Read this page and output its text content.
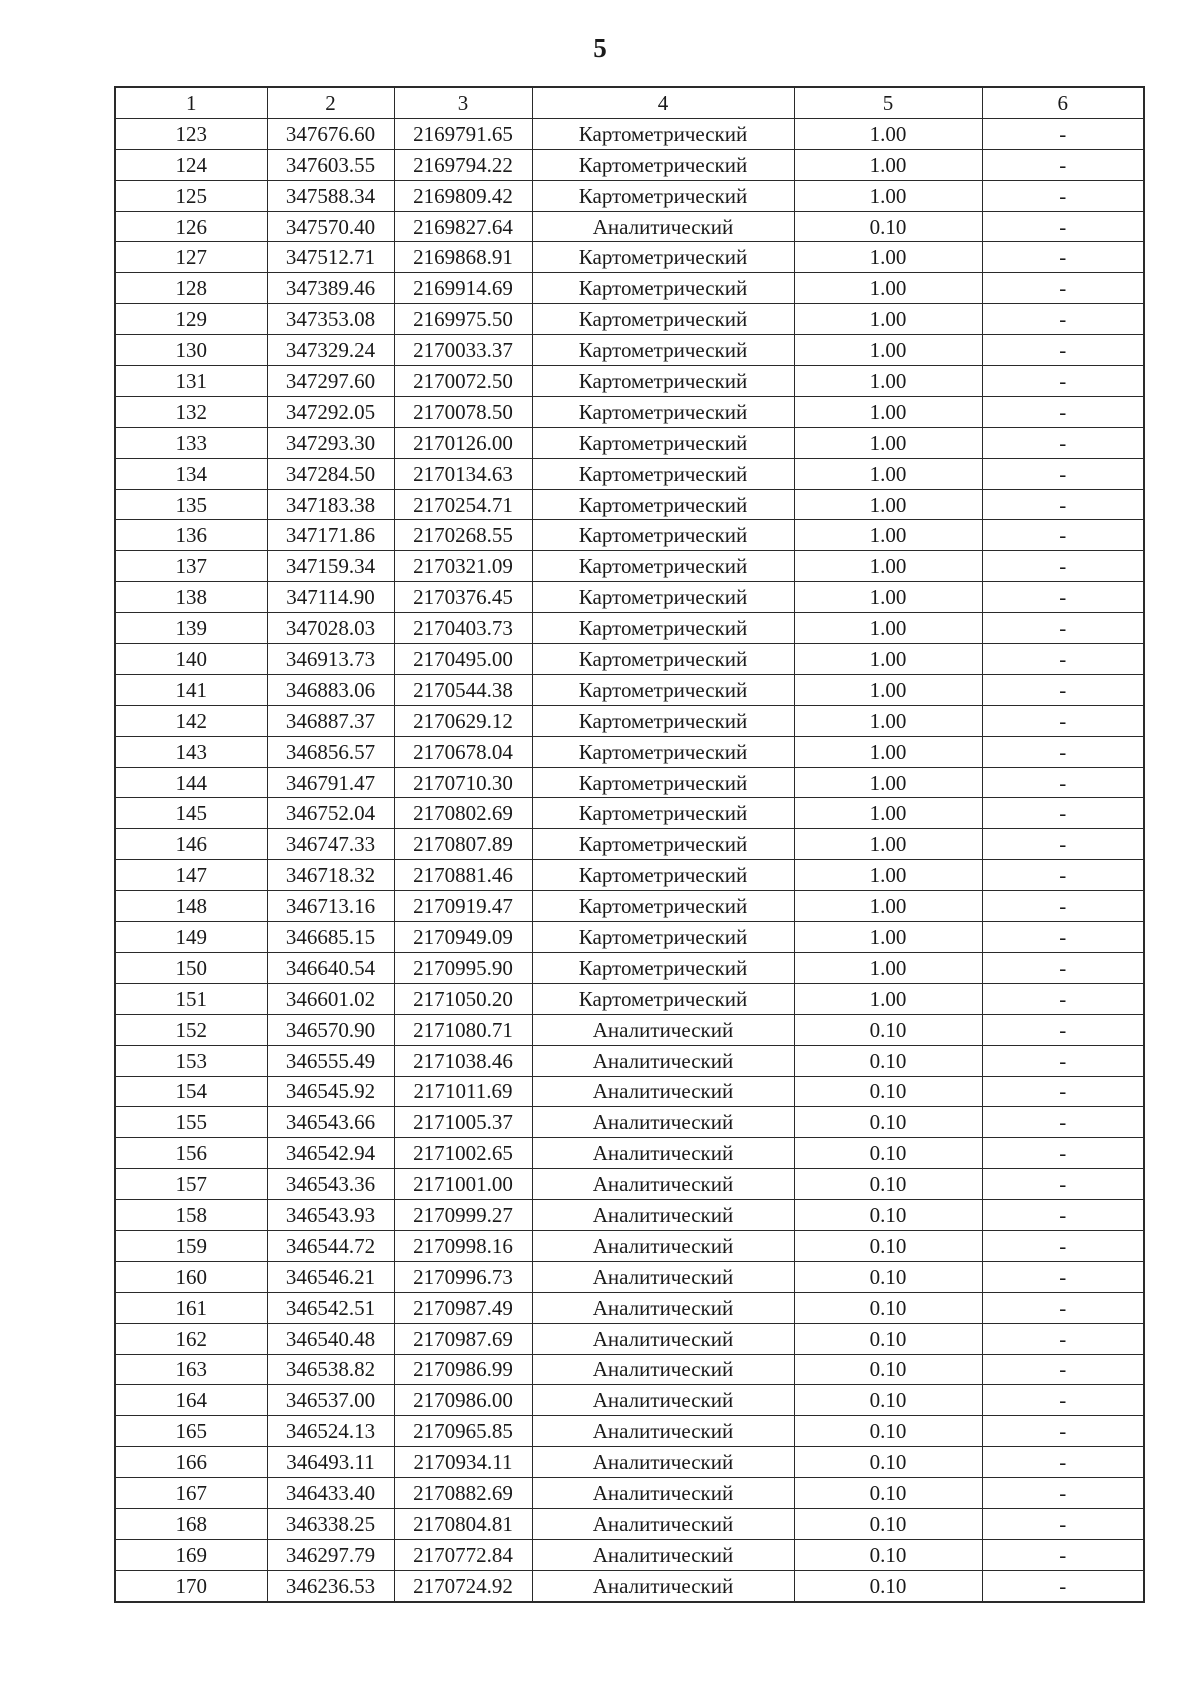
5
1	2	3	4	5	6
123	347676.60	2169791.65	Картометрический	1.00	-
124	347603.55	2169794.22	Картометрический	1.00	-
125	347588.34	2169809.42	Картометрический	1.00	-
126	347570.40	2169827.64	Аналитический	0.10	-
127	347512.71	2169868.91	Картометрический	1.00	-
128	347389.46	2169914.69	Картометрический	1.00	-
129	347353.08	2169975.50	Картометрический	1.00	-
130	347329.24	2170033.37	Картометрический	1.00	-
131	347297.60	2170072.50	Картометрический	1.00	-
132	347292.05	2170078.50	Картометрический	1.00	-
133	347293.30	2170126.00	Картометрический	1.00	-
134	347284.50	2170134.63	Картометрический	1.00	-
135	347183.38	2170254.71	Картометрический	1.00	-
136	347171.86	2170268.55	Картометрический	1.00	-
137	347159.34	2170321.09	Картометрический	1.00	-
138	347114.90	2170376.45	Картометрический	1.00	-
139	347028.03	2170403.73	Картометрический	1.00	-
140	346913.73	2170495.00	Картометрический	1.00	-
141	346883.06	2170544.38	Картометрический	1.00	-
142	346887.37	2170629.12	Картометрический	1.00	-
143	346856.57	2170678.04	Картометрический	1.00	-
144	346791.47	2170710.30	Картометрический	1.00	-
145	346752.04	2170802.69	Картометрический	1.00	-
146	346747.33	2170807.89	Картометрический	1.00	-
147	346718.32	2170881.46	Картометрический	1.00	-
148	346713.16	2170919.47	Картометрический	1.00	-
149	346685.15	2170949.09	Картометрический	1.00	-
150	346640.54	2170995.90	Картометрический	1.00	-
151	346601.02	2171050.20	Картометрический	1.00	-
152	346570.90	2171080.71	Аналитический	0.10	-
153	346555.49	2171038.46	Аналитический	0.10	-
154	346545.92	2171011.69	Аналитический	0.10	-
155	346543.66	2171005.37	Аналитический	0.10	-
156	346542.94	2171002.65	Аналитический	0.10	-
157	346543.36	2171001.00	Аналитический	0.10	-
158	346543.93	2170999.27	Аналитический	0.10	-
159	346544.72	2170998.16	Аналитический	0.10	-
160	346546.21	2170996.73	Аналитический	0.10	-
161	346542.51	2170987.49	Аналитический	0.10	-
162	346540.48	2170987.69	Аналитический	0.10	-
163	346538.82	2170986.99	Аналитический	0.10	-
164	346537.00	2170986.00	Аналитический	0.10	-
165	346524.13	2170965.85	Аналитический	0.10	-
166	346493.11	2170934.11	Аналитический	0.10	-
167	346433.40	2170882.69	Аналитический	0.10	-
168	346338.25	2170804.81	Аналитический	0.10	-
169	346297.79	2170772.84	Аналитический	0.10	-
170	346236.53	2170724.92	Аналитический	0.10	-
